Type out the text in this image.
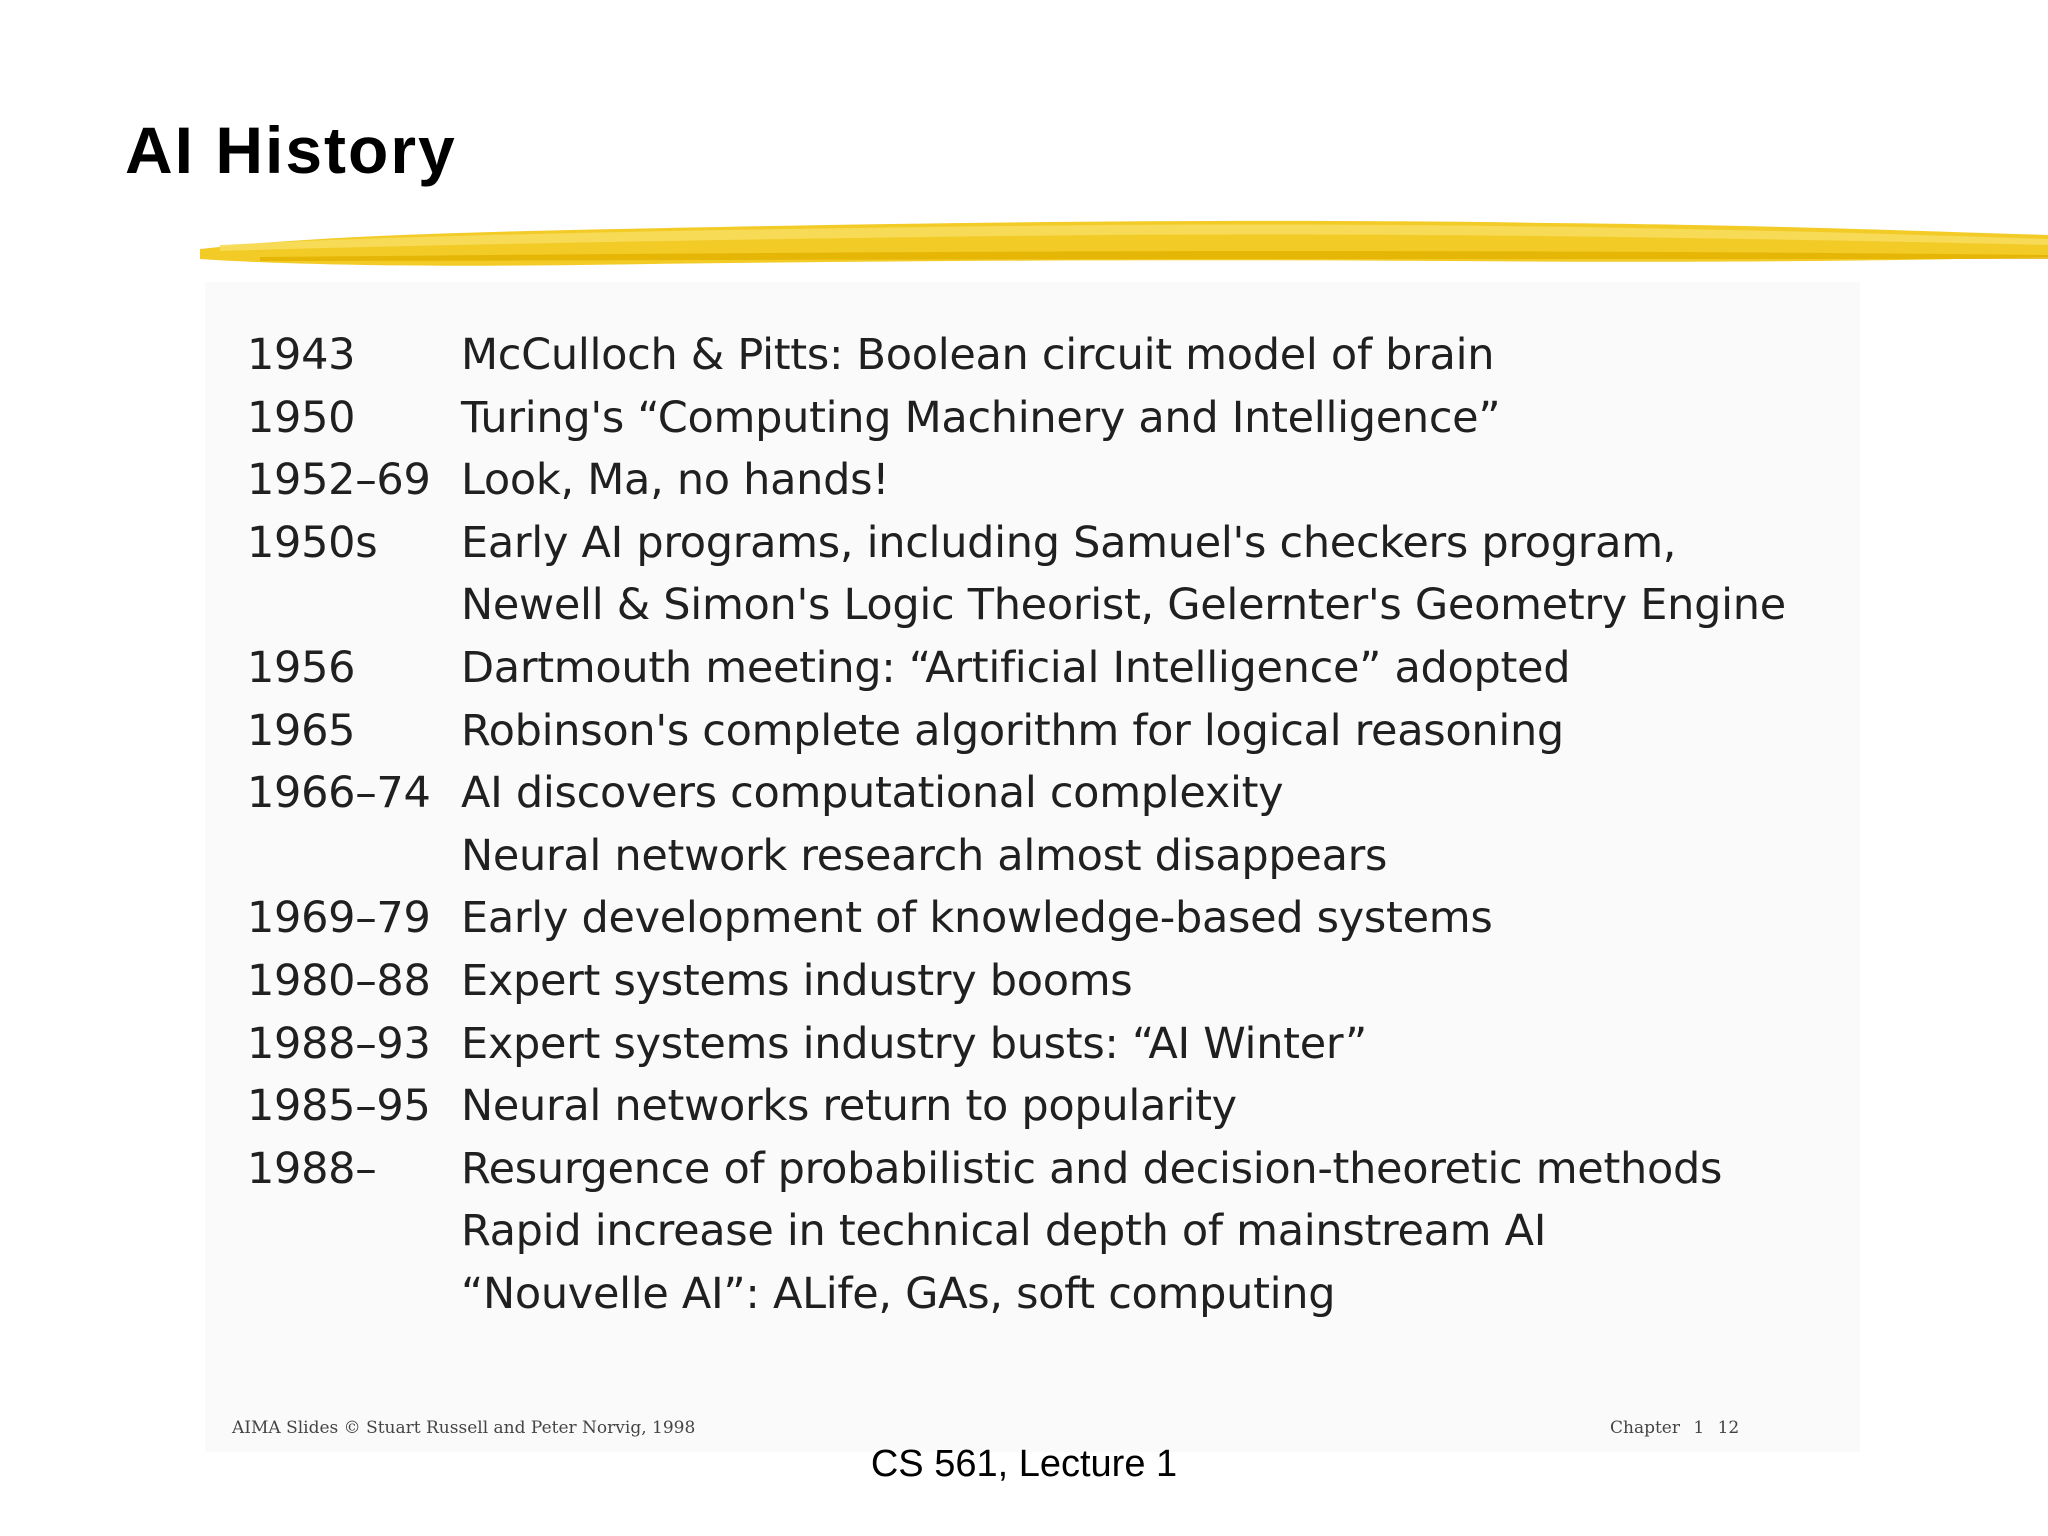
AI History
1943	McCulloch & Pitts: Boolean circuit model of brain
1950	Turing's “Computing Machinery and Intelligence”
1952–69 Look, Ma, no hands!
1950s	Early AI programs, including Samuel's checkers program,
Newell & Simon's Logic Theorist, Gelernter's Geometry Engine
1956	Dartmouth meeting: “Artificial Intelligence” adopted
1965	Robinson's complete algorithm for logical reasoning
1966–74 AI discovers computational complexity
Neural network research almost disappears
1969–79 Early development of knowledge-based systems
1980–88 Expert systems industry booms
1988–93 Expert systems industry busts: “AI Winter”
1985–95 Neural networks return to popularity
1988–	Resurgence of probabilistic and decision-theoretic methods
Rapid increase in technical depth of mainstream AI
“Nouvelle AI”: ALife, GAs, soft computing
AIMA Slides © Stuart Russell and Peter Norvig, 1998	Chapter 1 12
CS 561, Lecture 1
